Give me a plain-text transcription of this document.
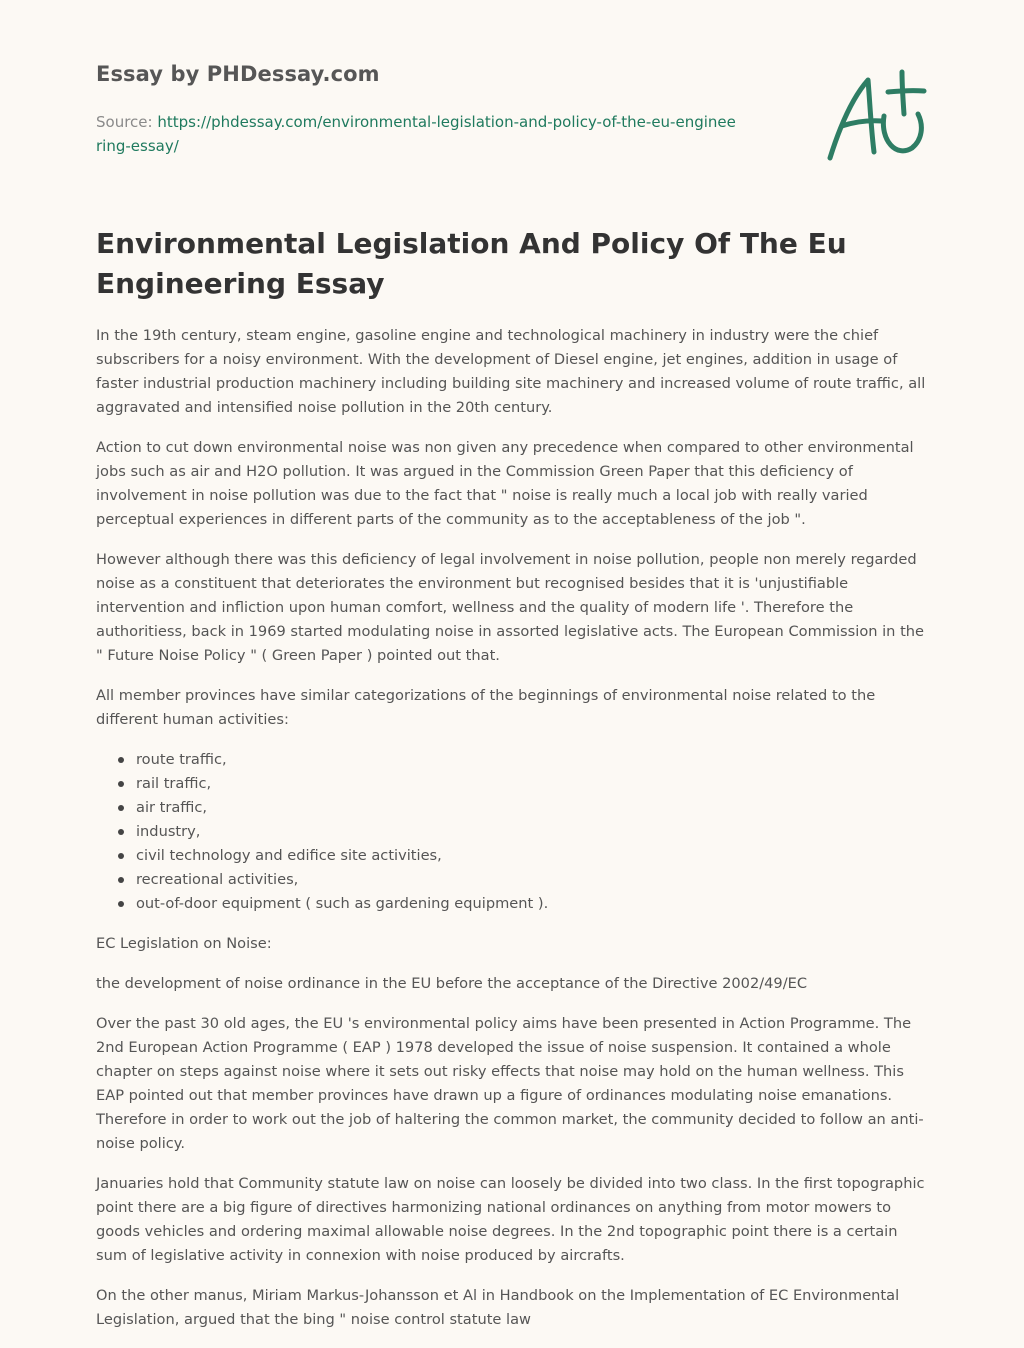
Essay by PHDessay.com
Source: https://phdessay.com/environmental-legislation-and-policy-of-the-eu-engineering-essay/
Environmental Legislation And Policy Of The Eu Engineering Essay

In the 19th century, steam engine, gasoline engine and technological machinery in industry were the chief subscribers for a noisy environment. With the development of Diesel engine, jet engines, addition in usage of faster industrial production machinery including building site machinery and increased volume of route traffic, all aggravated and intensified noise pollution in the 20th century.

Action to cut down environmental noise was non given any precedence when compared to other environmental jobs such as air and H2O pollution. It was argued in the Commission Green Paper that this deficiency of involvement in noise pollution was due to the fact that " noise is really much a local job with really varied perceptual experiences in different parts of the community as to the acceptableness of the job ".

However although there was this deficiency of legal involvement in noise pollution, people non merely regarded noise as a constituent that deteriorates the environment but recognised besides that it is 'unjustifiable intervention and infliction upon human comfort, wellness and the quality of modern life '. Therefore the authoritiess, back in 1969 started modulating noise in assorted legislative acts. The European Commission in the " Future Noise Policy " ( Green Paper ) pointed out that.

All member provinces have similar categorizations of the beginnings of environmental noise related to the different human activities:

route traffic,
rail traffic,
air traffic,
industry,
civil technology and edifice site activities,
recreational activities,
out-of-door equipment ( such as gardening equipment ).

EC Legislation on Noise:

the development of noise ordinance in the EU before the acceptance of the Directive 2002/49/EC

Over the past 30 old ages, the EU 's environmental policy aims have been presented in Action Programme. The 2nd European Action Programme ( EAP ) 1978 developed the issue of noise suspension. It contained a whole chapter on steps against noise where it sets out risky effects that noise may hold on the human wellness. This EAP pointed out that member provinces have drawn up a figure of ordinances modulating noise emanations. Therefore in order to work out the job of haltering the common market, the community decided to follow an anti-noise policy.

Januaries hold that Community statute law on noise can loosely be divided into two class. In the first topographic point there are a big figure of directives harmonizing national ordinances on anything from motor mowers to goods vehicles and ordering maximal allowable noise degrees. In the 2nd topographic point there is a certain sum of legislative activity in connexion with noise produced by aircrafts.

On the other manus, Miriam Markus-Johansson et Al in Handbook on the Implementation of EC Environmental Legislation, argued that the bing " noise control statute law
